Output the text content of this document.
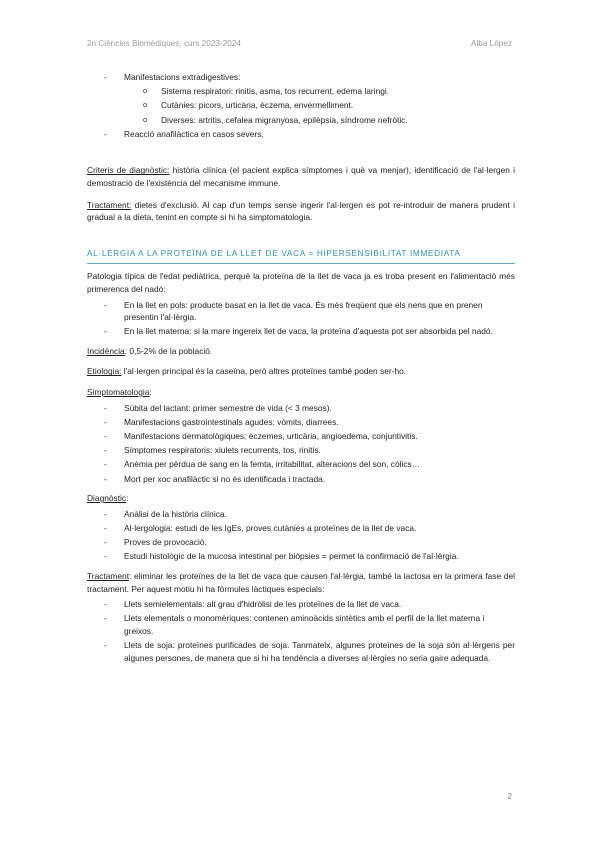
2n Ciències Biomèdiques, curs 2023-2024	Alba López
- Manifestacions extradigestives:
o Sistema respiratori: rinitis, asma, tos recurrent, edema laringi.
o Cutànies: picors, urticària, èczema, envermelliment.
o Diverses: artritis, cefalea migranyosa, epilèpsia, síndrome nefròtic.
- Reacció anafilàctica en casos severs.

Criteris de diagnòstic: història clínica (el pacient explica símptomes i què va menjar), identificació de l'al·lergen i demostració de l'existència del mecanisme immune.

Tractament: dietes d'exclusió. Al cap d'un temps sense ingerir l'al·lergen es pot re-introduir de manera prudent i gradual a la dieta, tenint en compte si hi ha simptomatologia.

AL·LÈRGIA A LA PROTEÏNA DE LA LLET DE VACA = HIPERSENSIBILITAT IMMEDIATA

Patologia típica de l'edat pediàtrica, perquè la proteïna de la llet de vaca ja es troba present en l'alimentació més primerenca del nadó:

- En la llet en pols: producte basat en la llet de vaca. És més freqüent que els nens que en prenen presentin l'al·lèrgia.
- En la llet materna: si la mare ingereix llet de vaca, la proteïna d'aquesta pot ser absorbida pel nadó.

Incidència: 0,5-2% de la població.

Etiologia: l'al·lergen principal és la caseïna, però altres proteïnes també poden ser-ho.

Simptomatologia:

- Súbita del lactant: primer semestre de vida (< 3 mesos).
- Manifestacions gastrointestinals agudes: vòmits, diarrees.
- Manifestacions dermatològiques: èczemes, urticària, angioedema, conjuntivitis.
- Símptomes respiratoris: xiulets recurrents, tos, rinitis.
- Anèmia per pèrdua de sang en la femta, irritabilitat, alteracions del son, còlics…
- Mort per xoc anafilàctic si no és identificada i tractada.

Diagnòstic:

- Anàlisi de la història clínica.
- Al·lergologia: estudi de les IgEs, proves cutànies a proteïnes de la llet de vaca.
- Proves de provocació.
- Estudi histològic de la mucosa intestinal per biòpsies = permet la confirmació de l'al·lèrgia.

Tractament: eliminar les proteïnes de la llet de vaca que causen l'al·lèrgia, també la lactosa en la primera fase del tractament. Per aquest motiu hi ha fórmules làctiques especials:

- Llets semielementals: alt grau d'hidròlisi de les proteïnes de la llet de vaca.
- Llets elementals o monomèriques: contenen aminoàcids sintètics amb el perfil de la llet materna i greixos.
- Llets de soja: proteïnes purificades de soja. Tanmateix, algunes proteïnes de la soja són al·lèrgens per algunes persones, de manera que si hi ha tendència a diverses al·lèrgies no seria gaire adequada.
2
